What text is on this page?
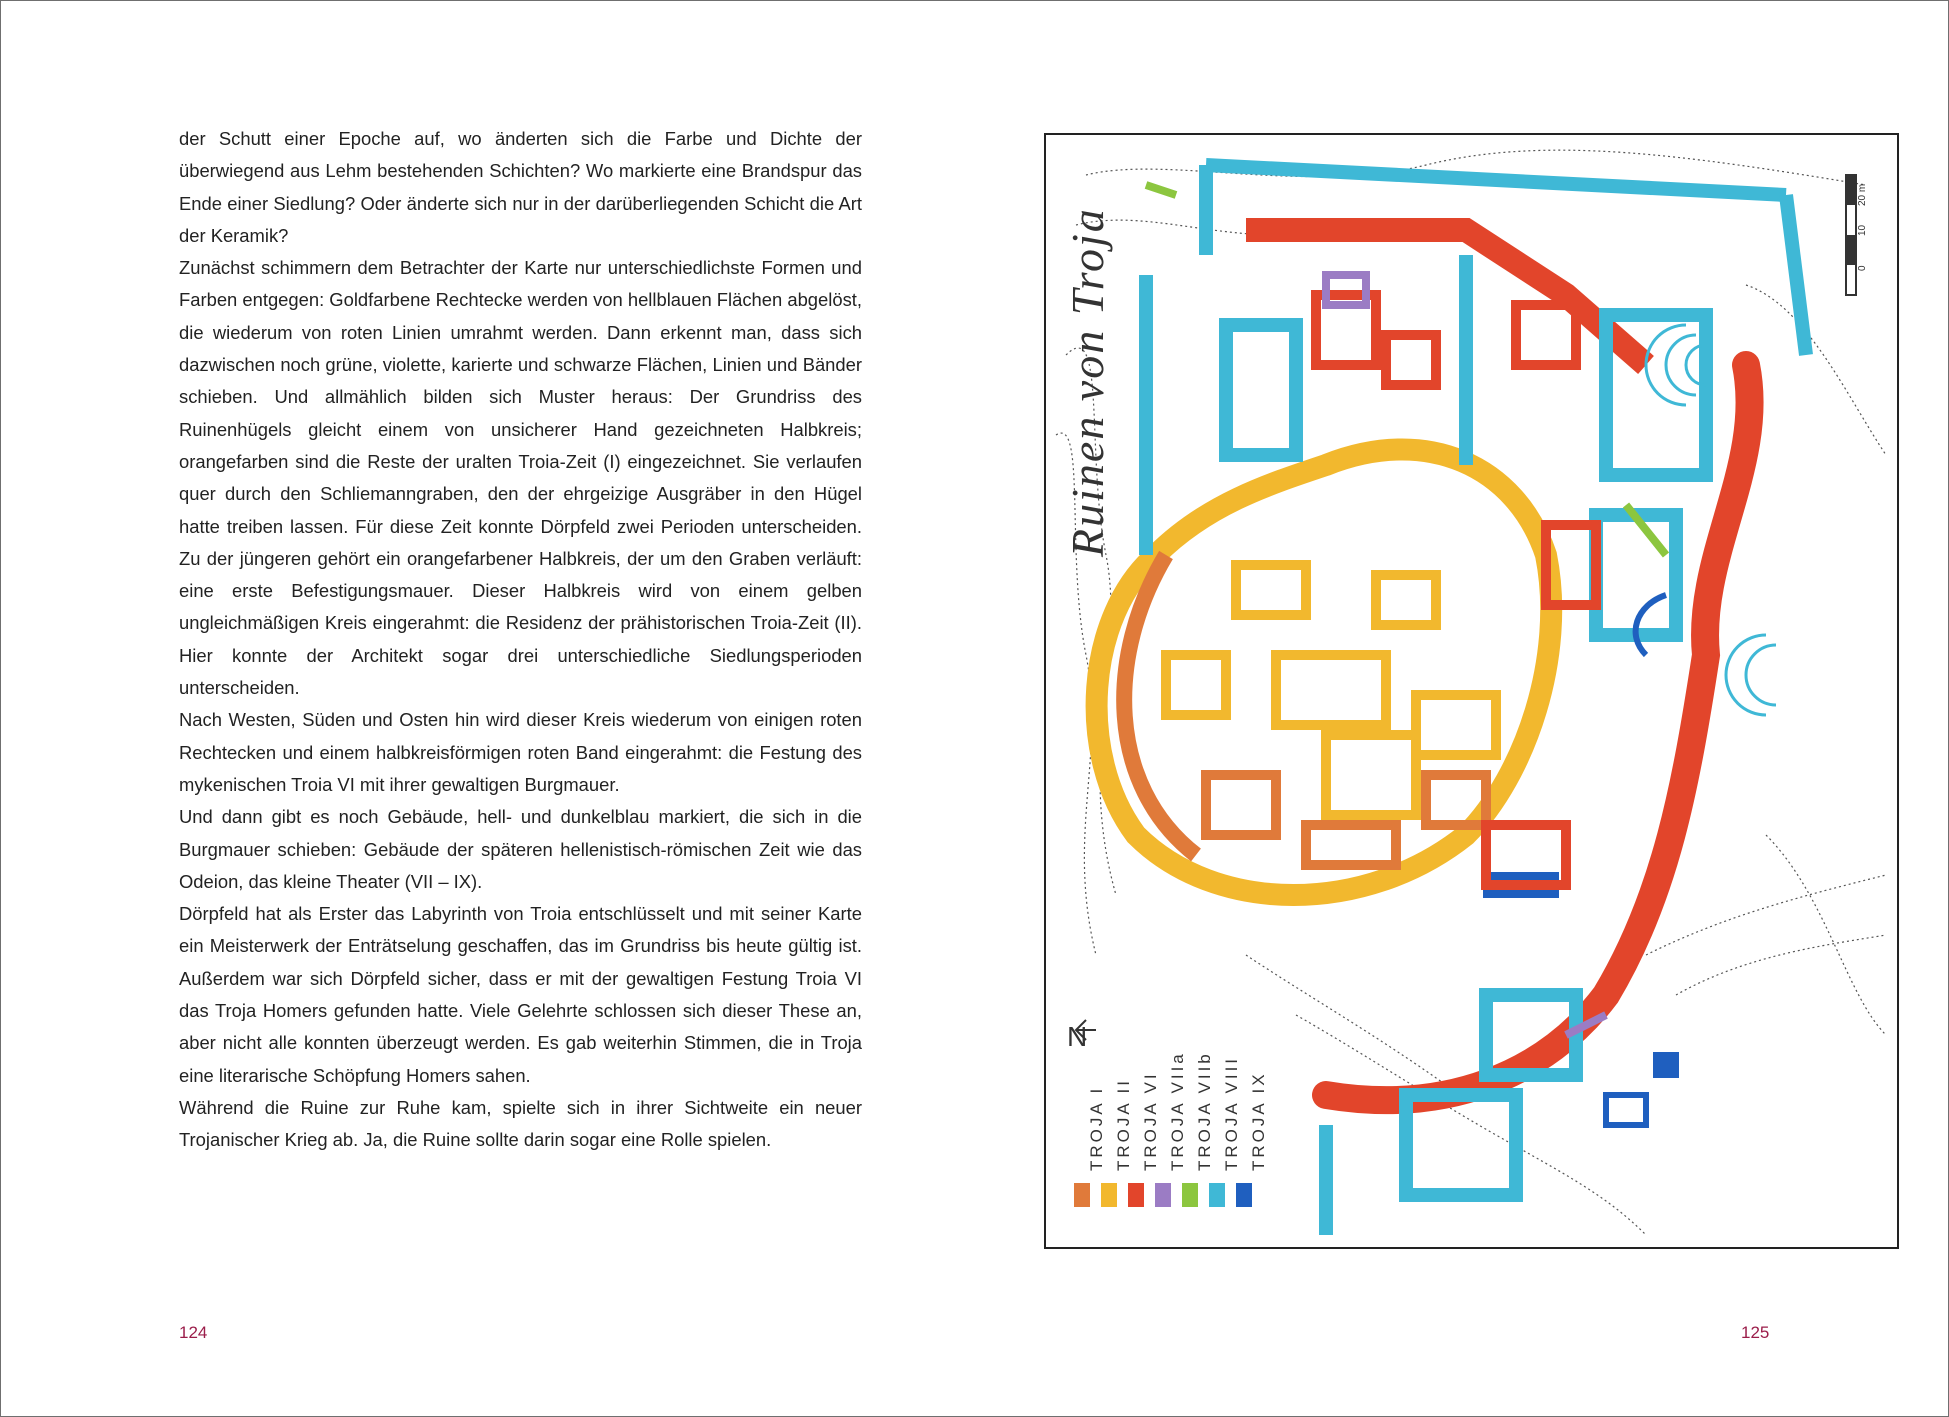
der Schutt einer Epoche auf, wo änderten sich die Farbe und Dichte der überwiegend aus Lehm bestehenden Schichten? Wo markierte eine Brandspur das Ende einer Siedlung? Oder änderte sich nur in der darüberliegenden Schicht die Art der Keramik?

Zunächst schimmern dem Betrachter der Karte nur unterschiedlichste Formen und Farben entgegen: Goldfarbene Rechtecke werden von hellblauen Flächen abgelöst, die wiederum von roten Linien umrahmt werden. Dann erkennt man, dass sich dazwischen noch grüne, violette, karierte und schwarze Flächen, Linien und Bänder schieben. Und allmählich bilden sich Muster heraus: Der Grundriss des Ruinenhügels gleicht einem von unsicherer Hand gezeichneten Halbkreis; orangefarben sind die Reste der uralten Troia-Zeit (I) eingezeichnet. Sie verlaufen quer durch den Schliemanngraben, den der ehrgeizige Ausgräber in den Hügel hatte treiben lassen. Für diese Zeit konnte Dörpfeld zwei Perioden unterscheiden. Zu der jüngeren gehört ein orangefarbener Halbkreis, der um den Graben verläuft: eine erste Befestigungsmauer. Dieser Halbkreis wird von einem gelben ungleichmäßigen Kreis eingerahmt: die Residenz der prähistorischen Troia-Zeit (II). Hier konnte der Architekt sogar drei unterschiedliche Siedlungsperioden unterscheiden.

Nach Westen, Süden und Osten hin wird dieser Kreis wiederum von einigen roten Rechtecken und einem halbkreisförmigen roten Band eingerahmt: die Festung des mykenischen Troia VI mit ihrer gewaltigen Burgmauer.

Und dann gibt es noch Gebäude, hell- und dunkelblau markiert, die sich in die Burgmauer schieben: Gebäude der späteren hellenistisch-römischen Zeit wie das Odeion, das kleine Theater (VII – IX).

Dörpfeld hat als Erster das Labyrinth von Troia entschlüsselt und mit seiner Karte ein Meisterwerk der Enträtselung geschaffen, das im Grundriss bis heute gültig ist. Außerdem war sich Dörpfeld sicher, dass er mit der gewaltigen Festung Troia VI das Troja Homers gefunden hatte. Viele Gelehrte schlossen sich dieser These an, aber nicht alle konnten überzeugt werden. Es gab weiterhin Stimmen, die in Troja eine literarische Schöpfung Homers sahen.

Während die Ruine zur Ruhe kam, spielte sich in ihrer Sichtweite ein neuer Trojanischer Krieg ab. Ja, die Ruine sollte darin sogar eine Rolle spielen.

124	125
Ruinen von Troja
N
TROJA I TROJA II TROJA VI TROJA VIIa TROJA VIIb TROJA VIII TROJA IX
0
10
20 m
